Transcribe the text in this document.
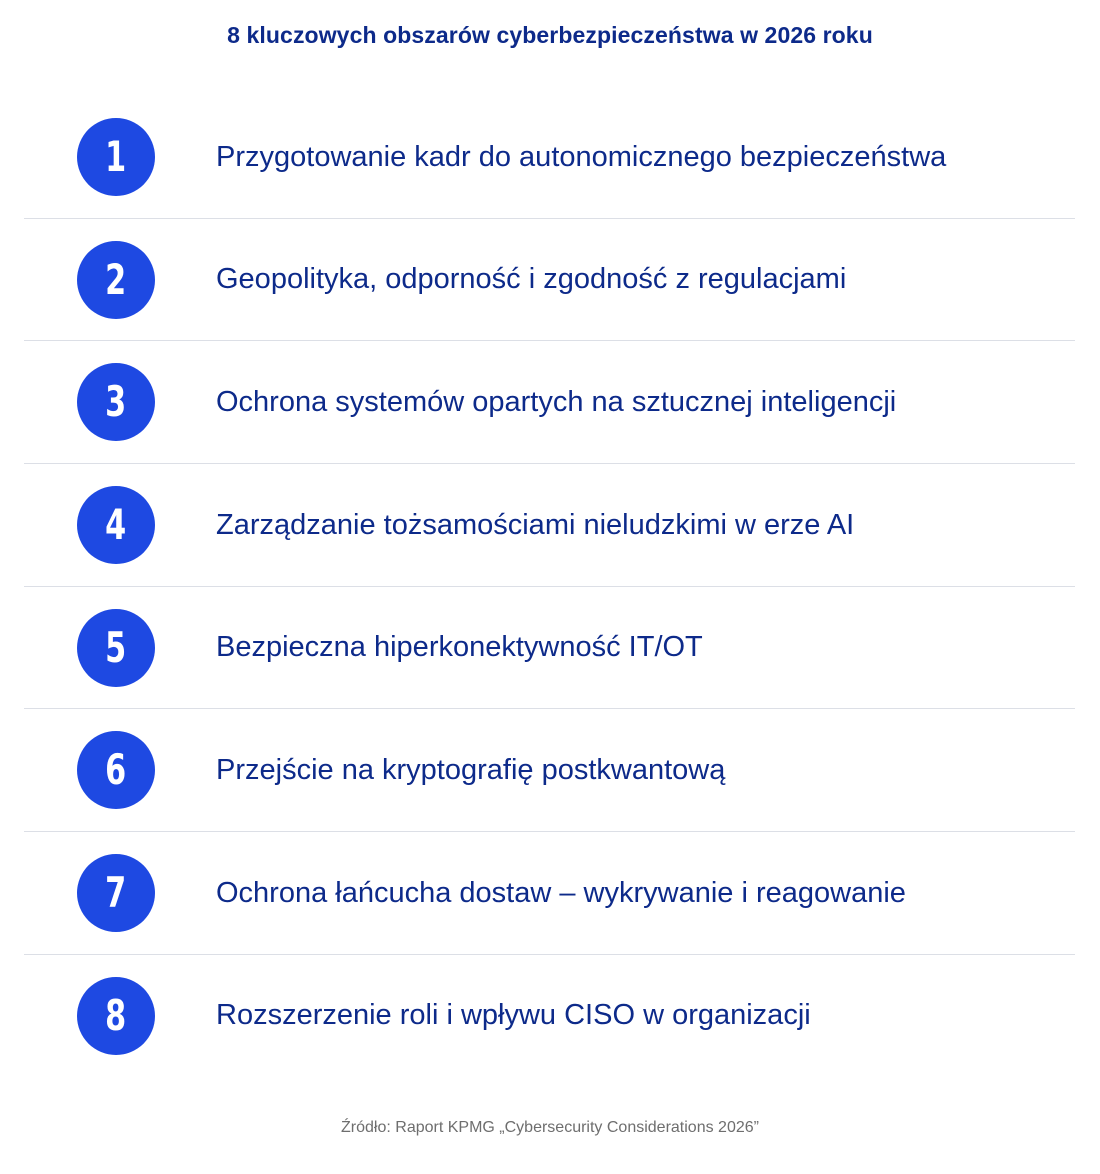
8 kluczowych obszarów cyberbezpieczeństwa w 2026 roku
1	Przygotowanie kadr do autonomicznego bezpieczeństwa
2	Geopolityka, odporność i zgodność z regulacjami
3	Ochrona systemów opartych na sztucznej inteligencji
4	Zarządzanie tożsamościami nieludzkimi w erze AI
5	Bezpieczna hiperkonektywność IT/OT
6	Przejście na kryptografię postkwantową
7	Ochrona łańcucha dostaw – wykrywanie i reagowanie
8	Rozszerzenie roli i wpływu CISO w organizacji
Źródło: Raport KPMG „Cybersecurity Considerations 2026”
